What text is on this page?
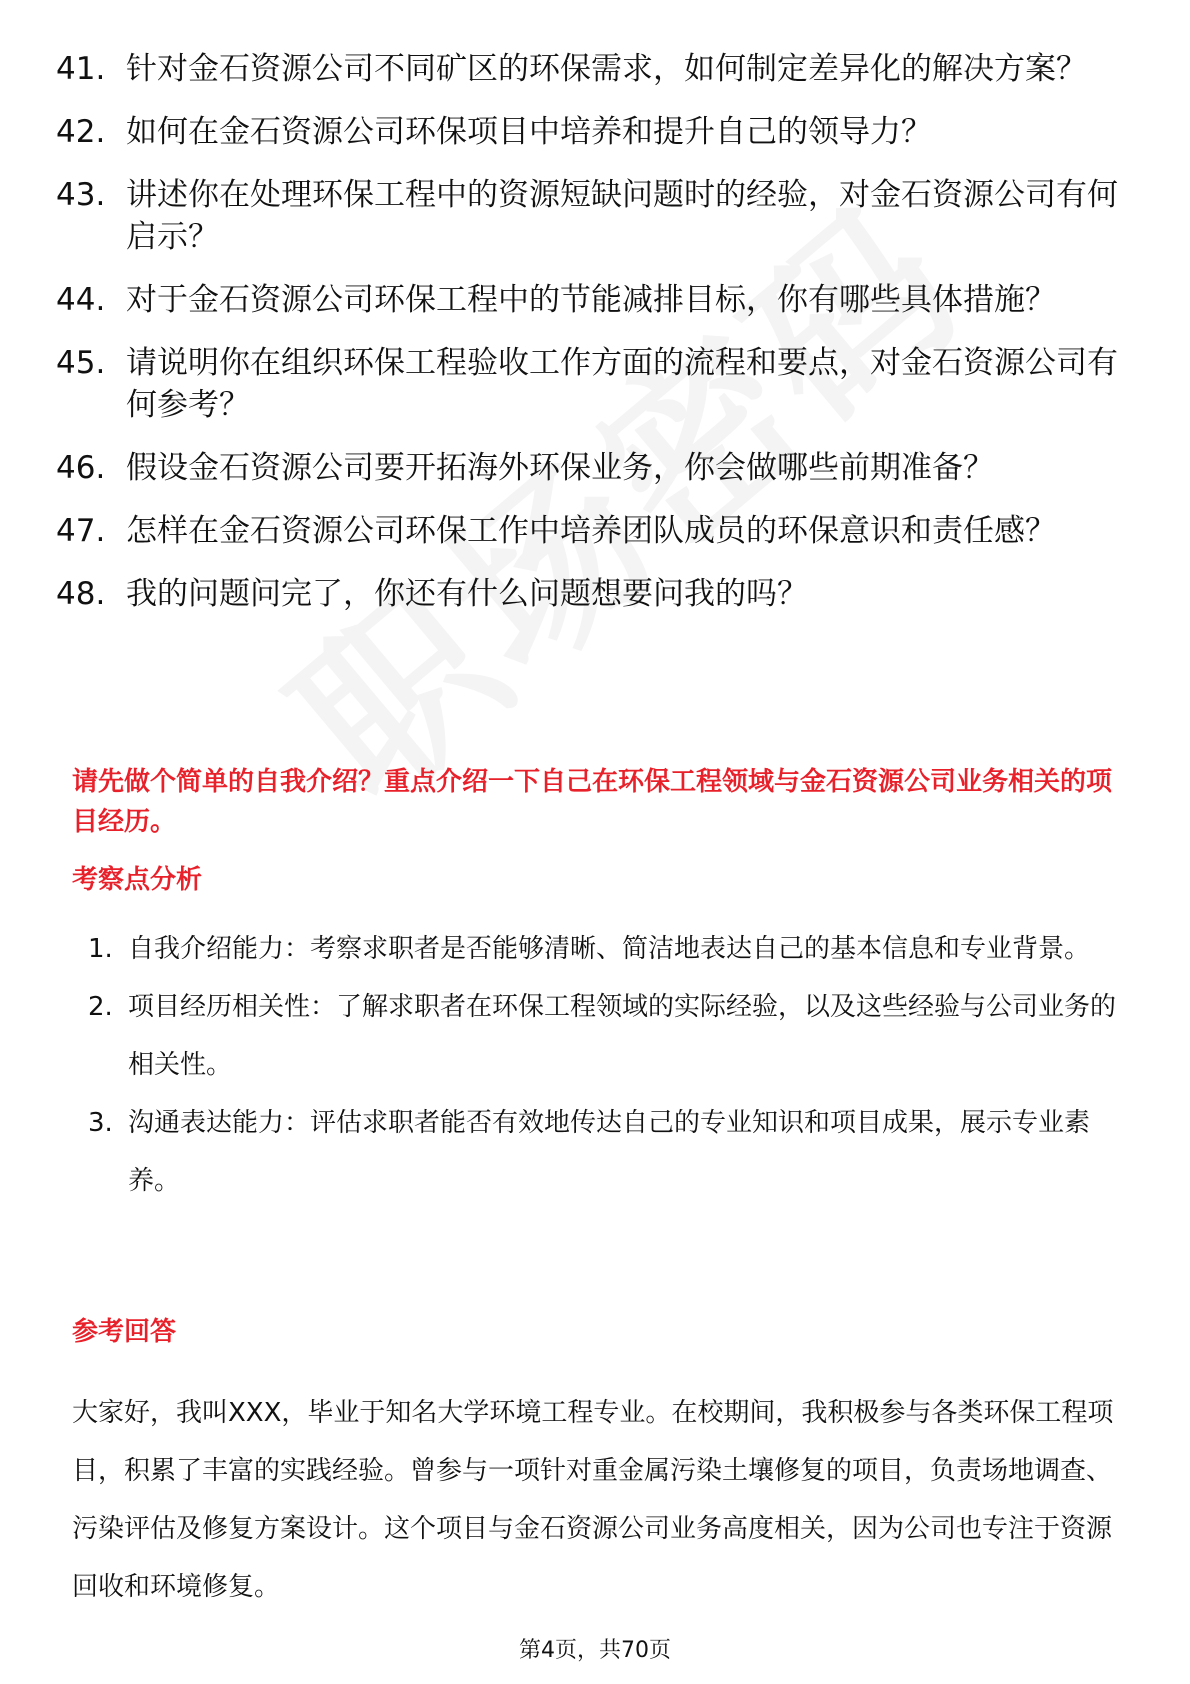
41. 针对金石资源公司不同矿区的环保需求，如何制定差异化的解决方案？
42. 如何在金石资源公司环保项目中培养和提升自己的领导力？
43. 讲述你在处理环保工程中的资源短缺问题时的经验，对金石资源公司有何启示？
44. 对于金石资源公司环保工程中的节能减排目标，你有哪些具体措施？
45. 请说明你在组织环保工程验收工作方面的流程和要点，对金石资源公司有何参考？
46. 假设金石资源公司要开拓海外环保业务，你会做哪些前期准备？
47. 怎样在金石资源公司环保工作中培养团队成员的环保意识和责任感？
48. 我的问题问完了，你还有什么问题想要问我的吗？
请先做个简单的自我介绍？重点介绍一下自己在环保工程领域与金石资源公司业务相关的项目经历。
考察点分析
1. 自我介绍能力：考察求职者是否能够清晰、简洁地表达自己的基本信息和专业背景。
2. 项目经历相关性：了解求职者在环保工程领域的实际经验，以及这些经验与公司业务的相关性。
3. 沟通表达能力：评估求职者能否有效地传达自己的专业知识和项目成果，展示专业素养。
参考回答
大家好，我叫XXX，毕业于知名大学环境工程专业。在校期间，我积极参与各类环保工程项目，积累了丰富的实践经验。曾参与一项针对重金属污染土壤修复的项目，负责场地调查、污染评估及修复方案设计。这个项目与金石资源公司业务高度相关，因为公司也专注于资源回收和环境修复。
第4页，共70页
